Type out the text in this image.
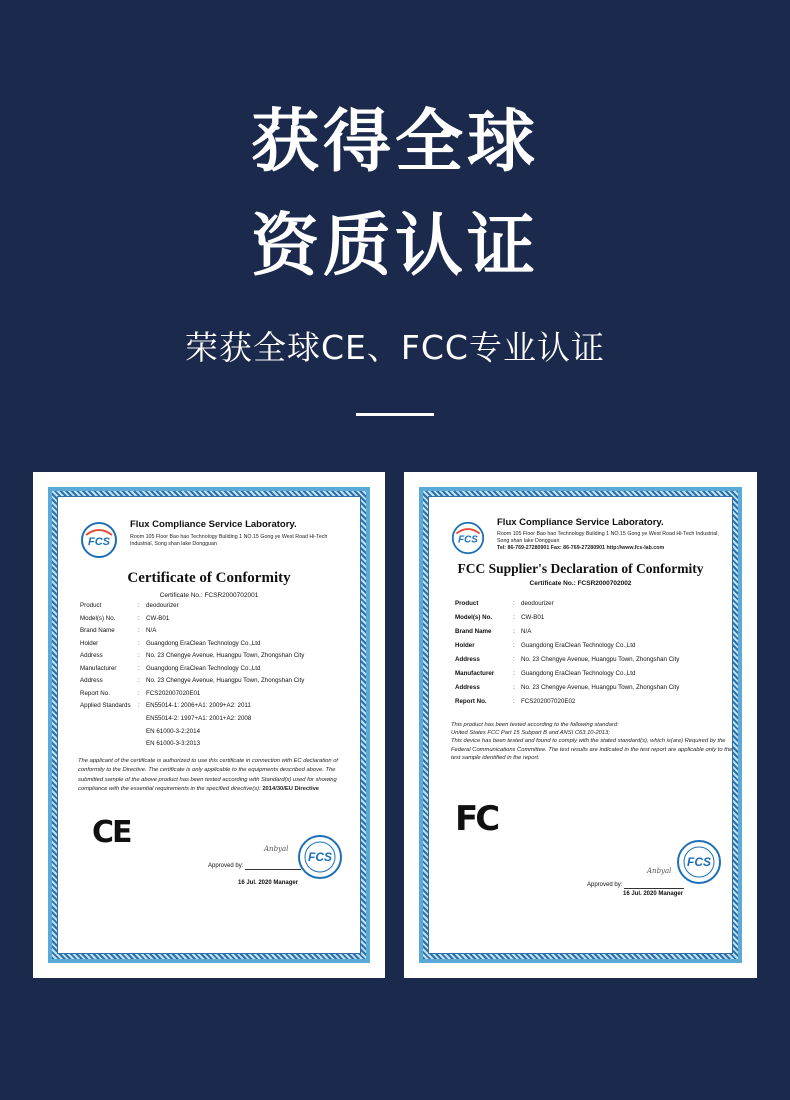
获得全球
资质认证
荣获全球CE、FCC专业认证
FCS
Flux Compliance Service Laboratory.
Room 105 Floor Bao hao Technology Building 1 NO.15 Gong ye West Road Hi-Tech
Industrial, Song shan lake Dongguan
Certificate of Conformity
Certificate No.: FCSR2000702001
Product	:	deodourizer
Model(s) No.	:	CW-B01
Brand Name	:	N/A
Holder	:	Guangdong EraClean Technology Co.,Ltd
Address	:	No. 23 Chengye Avenue, Huangpu Town, Zhongshan City
Manufacturer	:	Guangdong EraClean Technology Co.,Ltd
Address	:	No. 23 Chengye Avenue, Huangpu Town, Zhongshan City
Report No.	:	FCS202007020E01
Applied Standards	:	EN55014-1: 2006+A1: 2009+A2: 2011
EN55014-2: 1997+A1: 2001+A2: 2008
EN 61000-3-2:2014
EN 61000-3-3:2013
The applicant of the certificate is authorized to use this certificate in connection with EC declaration of conformity to the Directive. The certificate is only applicable to the equipments described above. The submitted sample of the above product has been tested according with Standard(s) used for showing compliance with the essential requirements in the specified directive(s): 2014/30/EU Directive
CE	Anbyal
Approved by:
16 Jul. 2020 Manager
FCS
FCS
Flux Compliance Service Laboratory.
Room 105 Floor Bao hao Technology Building 1 NO.15 Gong ye West Road Hi-Tech Industrial,
Song shan lake Dongguan
Tel: 86-769-27280901 Fax: 86-769-27280901 http://www.fcs-lab.com
FCC Supplier's Declaration of Conformity
Certificate No.: FCSR2000702002
Product	:	deodourizer
Model(s) No.	:	CW-B01
Brand Name	:	N/A
Holder	:	Guangdong EraClean Technology Co.,Ltd
Address	:	No. 23 Chengye Avenue, Huangpu Town, Zhongshan City
Manufacturer	:	Guangdong EraClean Technology Co.,Ltd
Address	:	No. 23 Chengye Avenue, Huangpu Town, Zhongshan City
Report No.	:	FCS202007020E02
This product has been tested according to the following standard:
United States FCC Part 15 Subpart B and ANSI C63.10-2013;
This device has been tested and found to comply with the stated standard(s), which is(are) Required by the Federal Communications Committee. The test results are indicated in the test report are applicable only to the test sample identified in the report.
FC
Anbyal
Approved by:
16 Jul. 2020 Manager
FCS
